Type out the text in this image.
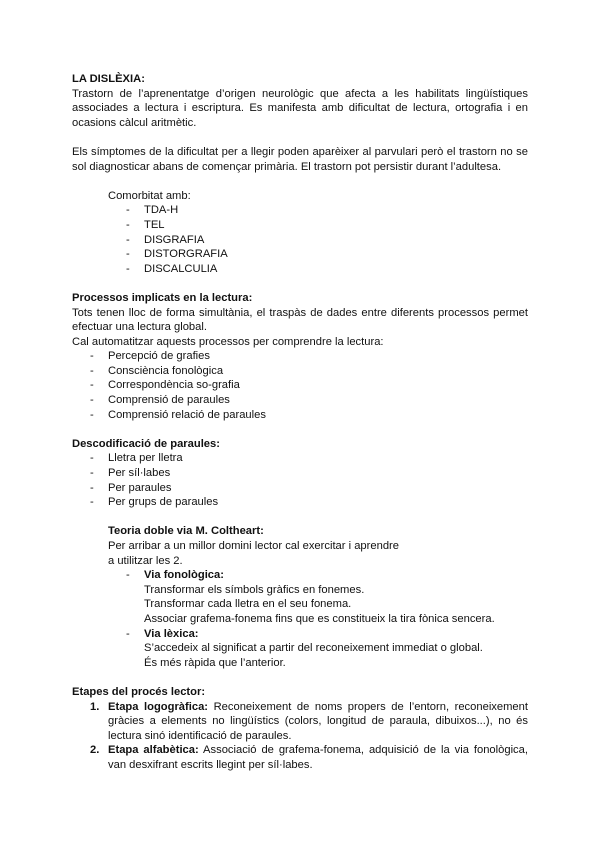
LA DISLÈXIA:

Trastorn de l’aprenentatge d’origen neurològic que afecta a les habilitats lingüístiques associades a lectura i escriptura. Es manifesta amb dificultat de lectura, ortografia i en ocasions càlcul aritmètic.

Els símptomes de la dificultat per a llegir poden aparèixer al parvulari però el trastorn no se sol diagnosticar abans de començar primària. El trastorn pot persistir durant l’adultesa.

Comorbitat amb:
- TDA-H
- TEL
- DISGRAFIA
- DISTORGRAFIA
- DISCALCULIA

Processos implicats en la lectura:

Tots tenen lloc de forma simultània, el traspàs de dades entre diferents processos permet efectuar una lectura global.

Cal automatitzar aquests processos per comprendre la lectura:

- Percepció de grafies
- Consciència fonològica
- Correspondència so-grafia
- Comprensió de paraules
- Comprensió relació de paraules

Descodificació de paraules:

- Lletra per lletra
- Per síl·labes
- Per paraules
- Per grups de paraules
Teoria doble via M. Coltheart:
Per arribar a un millor domini lector cal exercitar i aprendre
a utilitzar les 2.
- Via fonològica:
Transformar els símbols gràfics en fonemes.
Transformar cada lletra en el seu fonema.
Associar grafema-fonema fins que es constitueix la tira fònica sencera.
- Via lèxica:
S’accedeix al significat a partir del reconeixement immediat o global.
És més ràpida que l’anterior.

Etapes del procés lector:

1. Etapa logogràfica: Reconeixement de noms propers de l’entorn, reconeixement gràcies a elements no lingüístics (colors, longitud de paraula, dibuixos...), no és lectura sinó identificació de paraules.
2. Etapa alfabètica: Associació de grafema-fonema, adquisició de la via fonològica, van desxifrant escrits llegint per síl·labes.
